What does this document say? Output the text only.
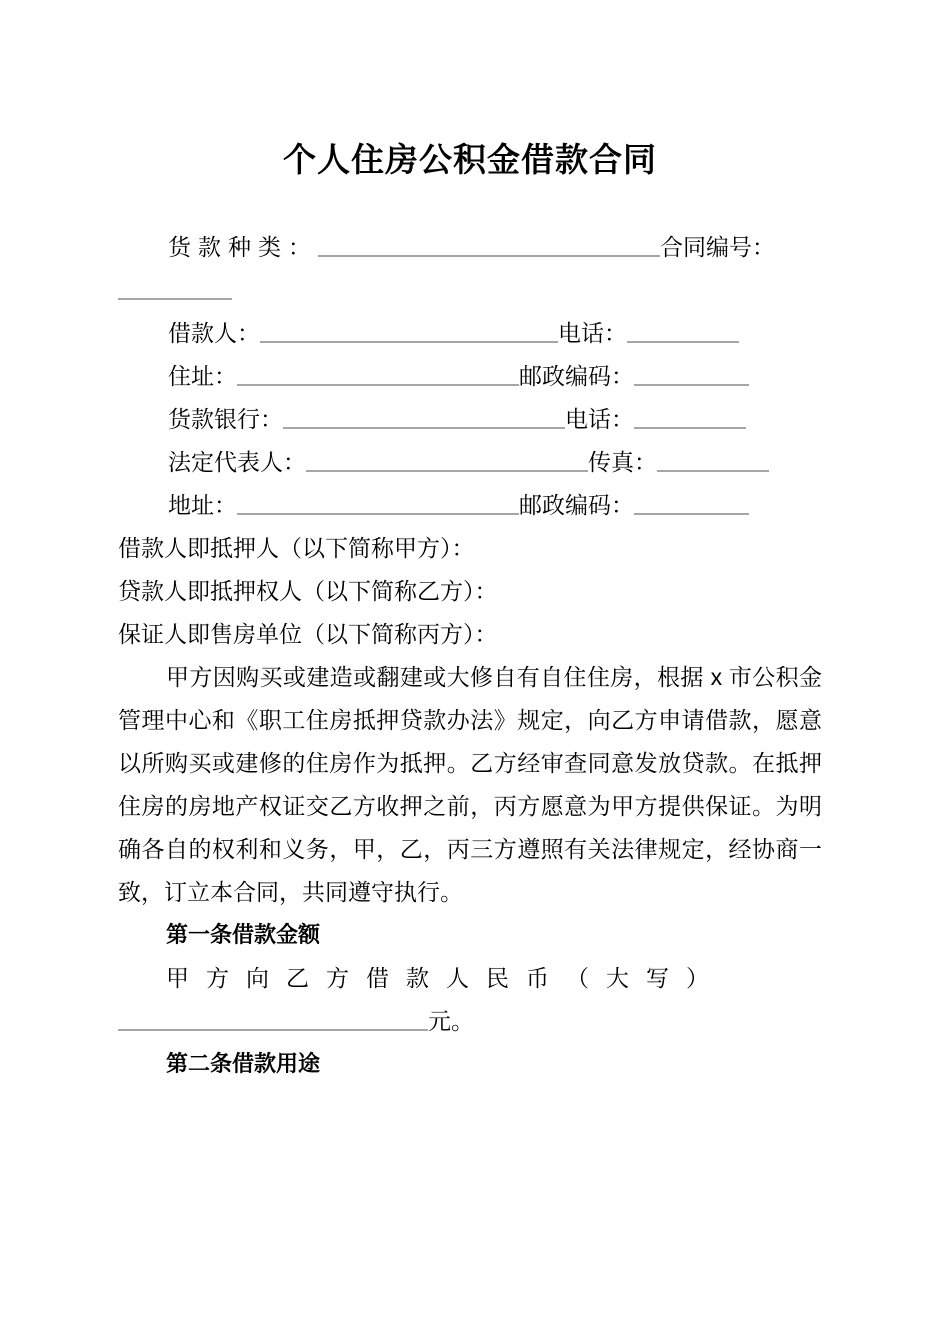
个人住房公积金借款合同
货款种类：	合同编号：

借款人：	电话：
住址：	邮政编码：
货款银行：	电话：
法定代表人：	传真：
地址：	邮政编码：
借款人即抵押人（以下简称甲方）：
贷款人即抵押权人（以下简称乙方）：
保证人即售房单位（以下简称丙方）：
甲方因购买或建造或翻建或大修自有自住住房，根据 x 市公积金管理中心和《职工住房抵押贷款办法》规定，向乙方申请借款，愿意以所购买或建修的住房作为抵押。乙方经审查同意发放贷款。在抵押住房的房地产权证交乙方收押之前，丙方愿意为甲方提供保证。为明确各自的权利和义务，甲，乙，丙三方遵照有关法律规定，经协商一致，订立本合同，共同遵守执行。
第一条借款金额
甲方向乙方借款人民币（大写）
元。
第二条借款用途
